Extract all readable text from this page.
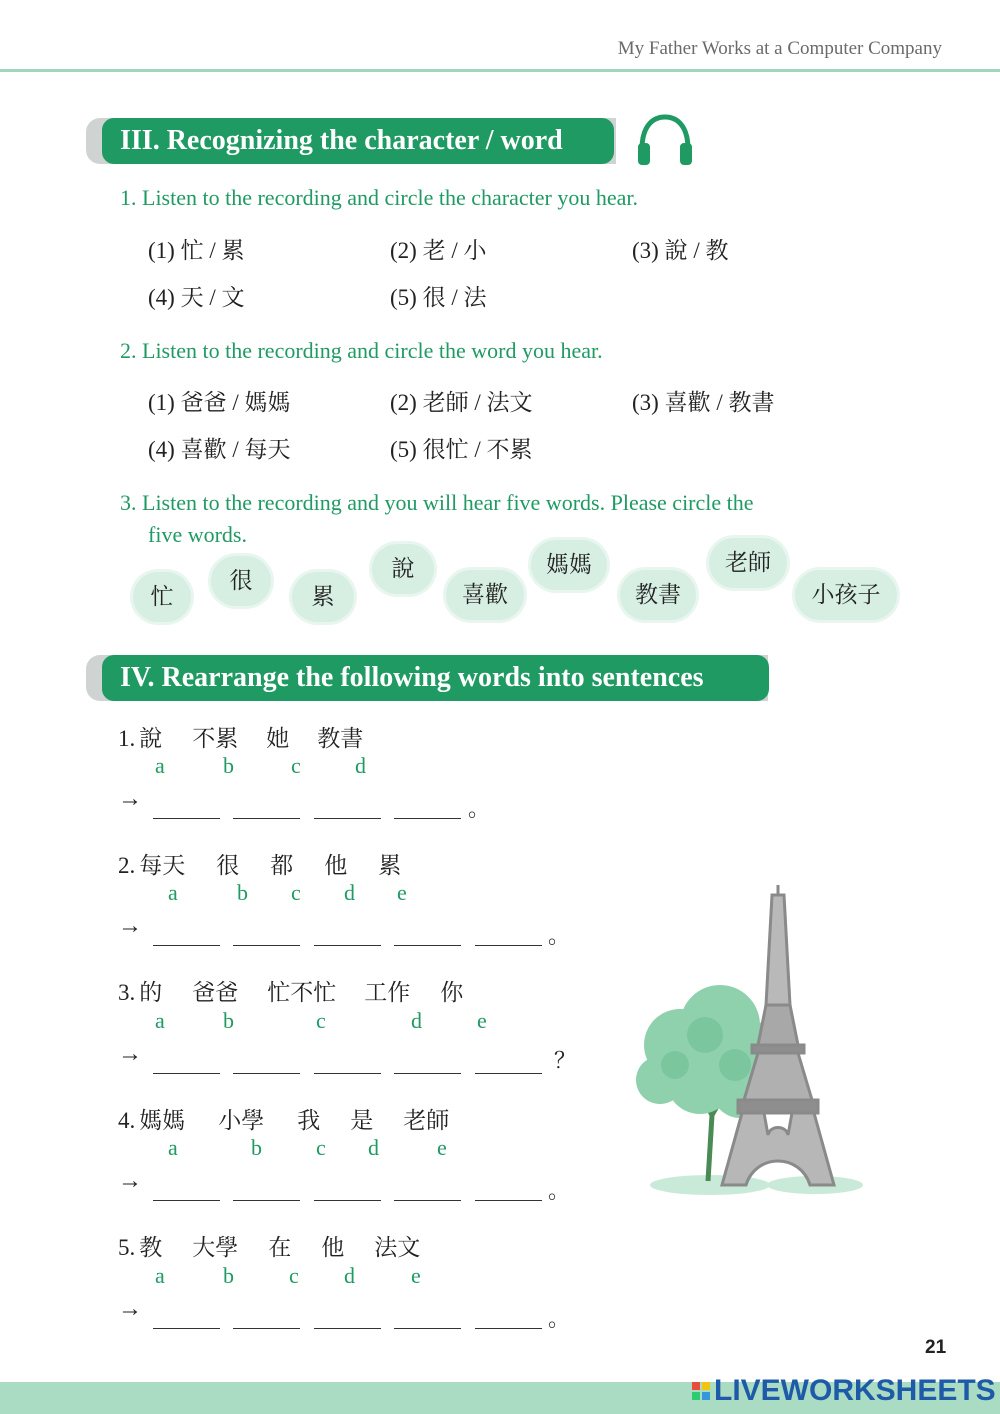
My Father Works at a Computer Company
III. Recognizing the character / word
1. Listen to the recording and circle the character you hear.
(1) 忙 / 累	(2) 老 / 小	(3) 說 / 教
(4) 天 / 文	(5) 很 / 法
2. Listen to the recording and circle the word you hear.
(1) 爸爸 / 媽媽	(2) 老師 / 法文	(3) 喜歡 / 教書
(4) 喜歡 / 每天	(5) 很忙 / 不累
3. Listen to the recording and you will hear five words. Please circle the
five words.
忙
很
累
說
喜歡
媽媽
教書
老師
小孩子
IV. Rearrange the following words into sentences
1. 說 不累 她 教書
a	b	c d
→	。
2. 每天 很 都 他 累
a	b c d e
→	。
3. 的 爸爸 忙不忙 工作 你
a	b	c	d	e
→	？
4. 媽媽 小學 我 是 老師
a	b c d	e
→	。
5. 教 大學 在 他 法文
a	b	c d	e
→	。
21
LIVEWORKSHEETS
